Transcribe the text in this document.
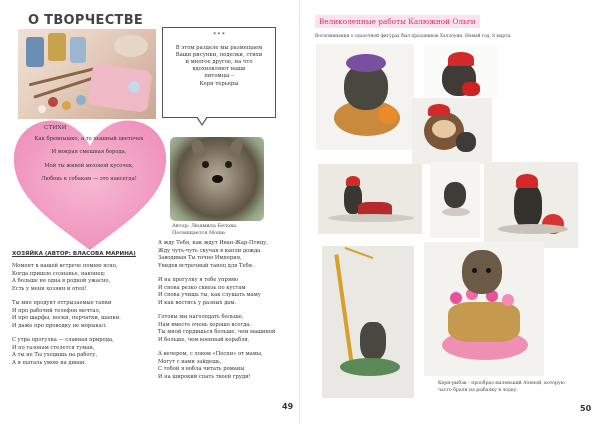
О ТВОРЧЕСТВЕ
* * *
В этом разделе мы размещаем
Ваши рисунки, поделки, стихи
и многое другое, на что
вдохновляют наши
питомцы –
Керн терьеры
СТИХИ

Как бревнышко, а то пышный цветочек

И мокрая смешная борода,

Мой ты живой меховой кусочек,

Любовь к собакам — это навсегда!

Автор: Людмила Белова.
Посвящается Моше.
ХОЗЯЙКА (АВТОР: ВЛАСОВА МАРИНА)

Момент в нашей встрече помню ясно,
Когда пришло сознанье, наконец:
А больше не одна в родной ужасно,
Есть у меня хозяин и отец!

Ты мне продукт отгрызаемые тапки
И про рабочий телефон мечтал,
И про шарфы, носки, перчатки, шапки.
И даже про проводку не морыкал.

С утра прогулка — славная природа,
И по газонам стелется туман,
А ты не Ты уходишь на работу,
А я пыталь умою на диван.

А жду Тебя, как ждут Иван-Жар-Птицу,
Жду чуть-чуть скучая в капли дожда.
Заводивая Ты точно Империя,
Увидев встречный танец для Тебя.

И на прогулку я тебе упрямо
И снова резко сквозь по кустам
И снова учишь ты, как слушать маму
И как вестись у разных дам.

Готовы мы наголодать больше,
Нам вместе очень хорошо всегда.
Ты мной гордишься больше, чем машиной
И больше, чем военный корабля.

А вечером, с ловом «Поспи» от мамы,
Могут с вами зайдешь,
С тобой я вобла читать романы
И на широкий спать твоей груди!

49
Великолепные работы Калюжной Ольги
Воспоминания о сказочной фигурах был праздников Хэллоуин, Новый год, 8 марта.
Керн-рыбак - прообраз маленький Аленой, которую часто брали на рыбалку в лодку.
50
